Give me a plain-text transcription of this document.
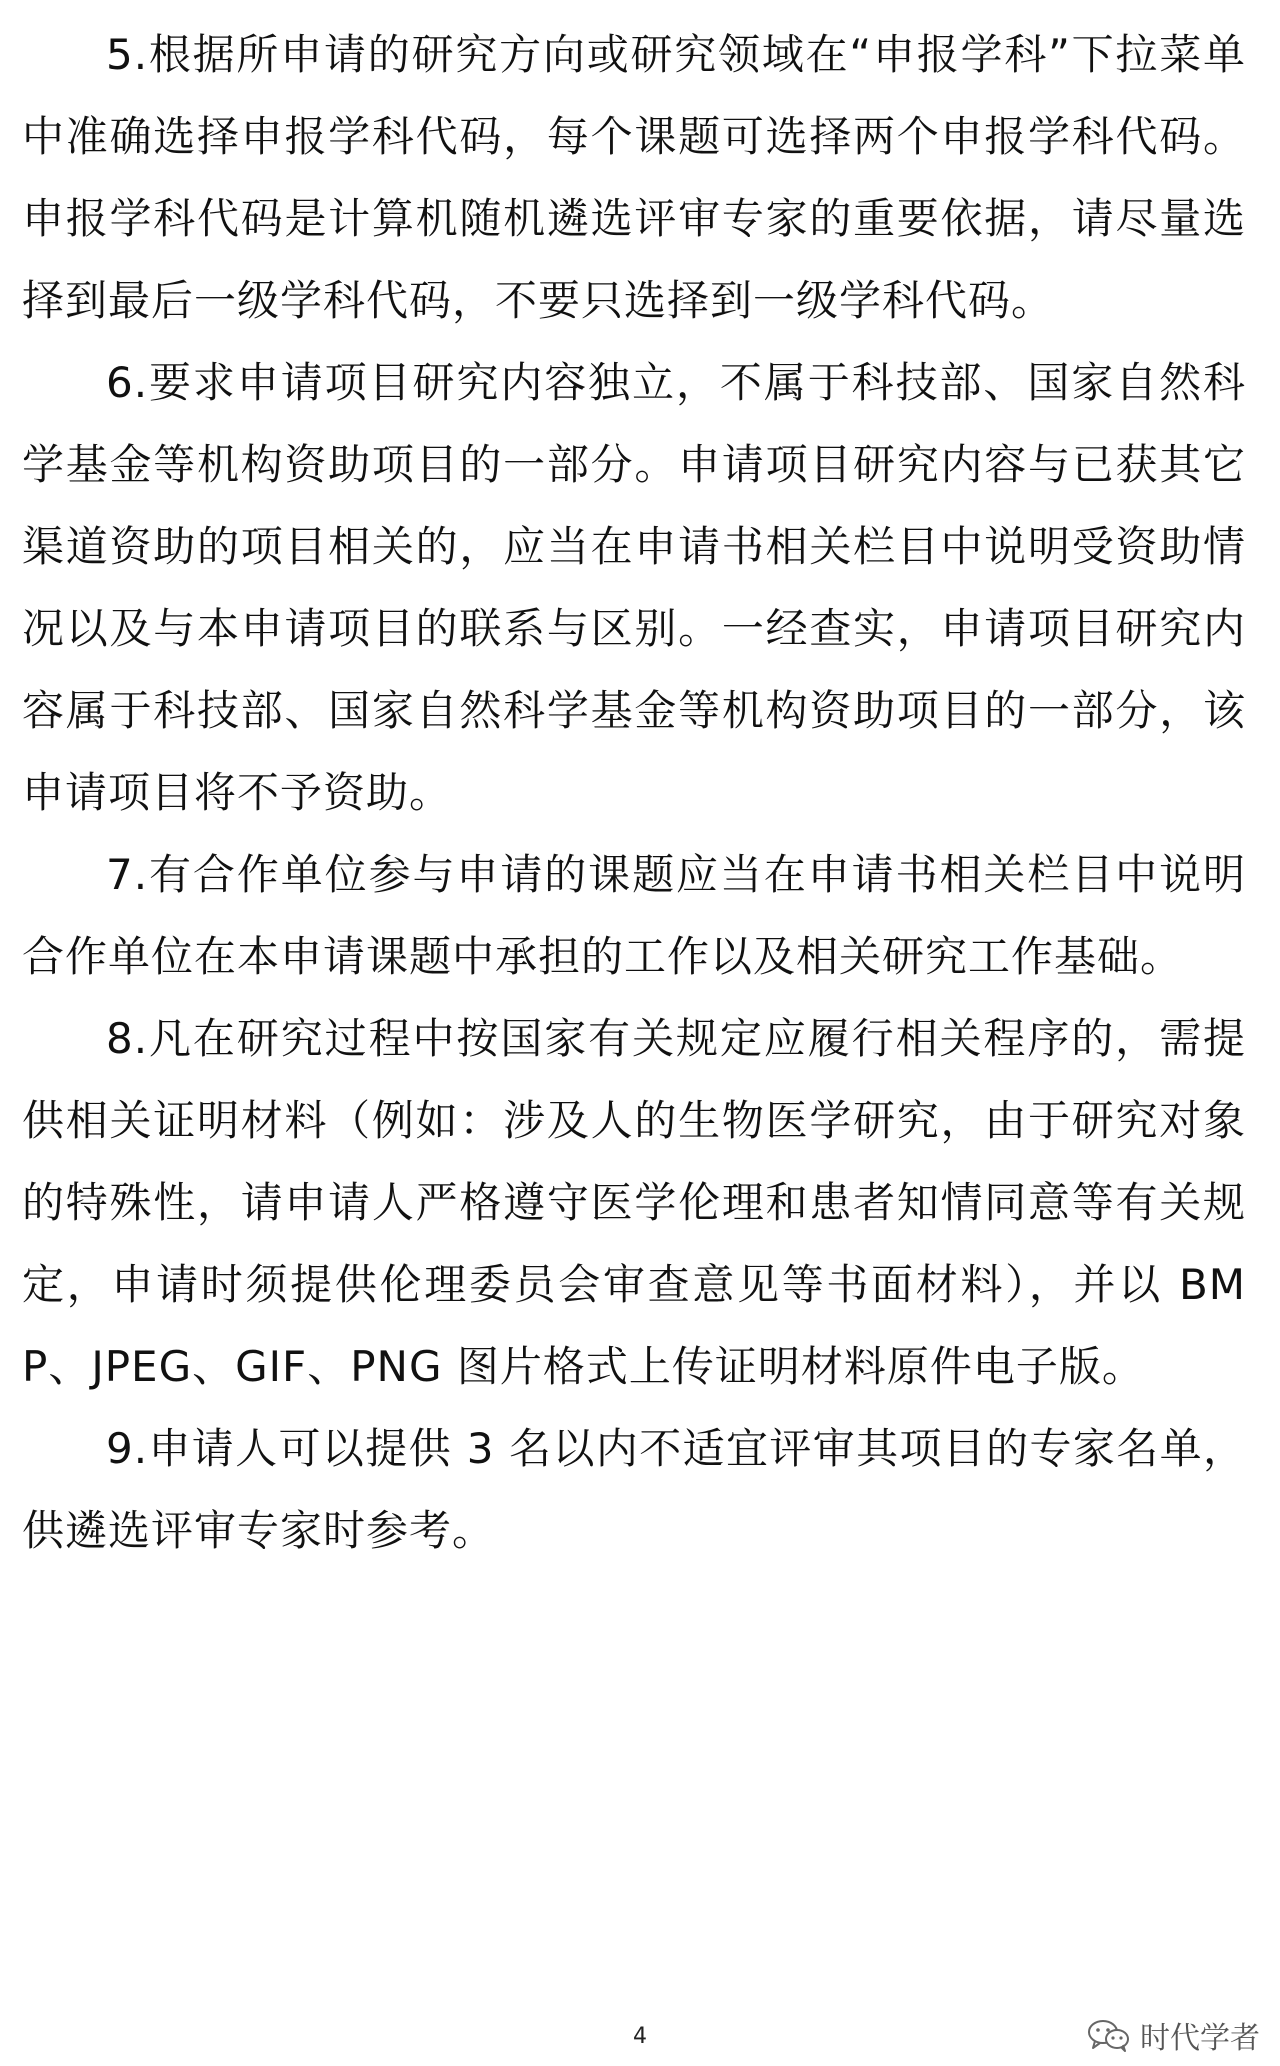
5.根据所申请的研究方向或研究领域在“申报学科”下拉菜单中准确选择申报学科代码，每个课题可选择两个申报学科代码。申报学科代码是计算机随机遴选评审专家的重要依据，请尽量选择到最后一级学科代码，不要只选择到一级学科代码。

6.要求申请项目研究内容独立，不属于科技部、国家自然科学基金等机构资助项目的一部分。申请项目研究内容与已获其它渠道资助的项目相关的，应当在申请书相关栏目中说明受资助情况以及与本申请项目的联系与区别。一经查实，申请项目研究内容属于科技部、国家自然科学基金等机构资助项目的一部分，该申请项目将不予资助。

7.有合作单位参与申请的课题应当在申请书相关栏目中说明合作单位在本申请课题中承担的工作以及相关研究工作基础。

8.凡在研究过程中按国家有关规定应履行相关程序的，需提供相关证明材料（例如：涉及人的生物医学研究，由于研究对象的特殊性，请申请人严格遵守医学伦理和患者知情同意等有关规定，申请时须提供伦理委员会审查意见等书面材料），并以 BMP、JPEG、GIF、PNG 图片格式上传证明材料原件电子版。

9.申请人可以提供 3 名以内不适宜评审其项目的专家名单，供遴选评审专家时参考。

4	时代学者
